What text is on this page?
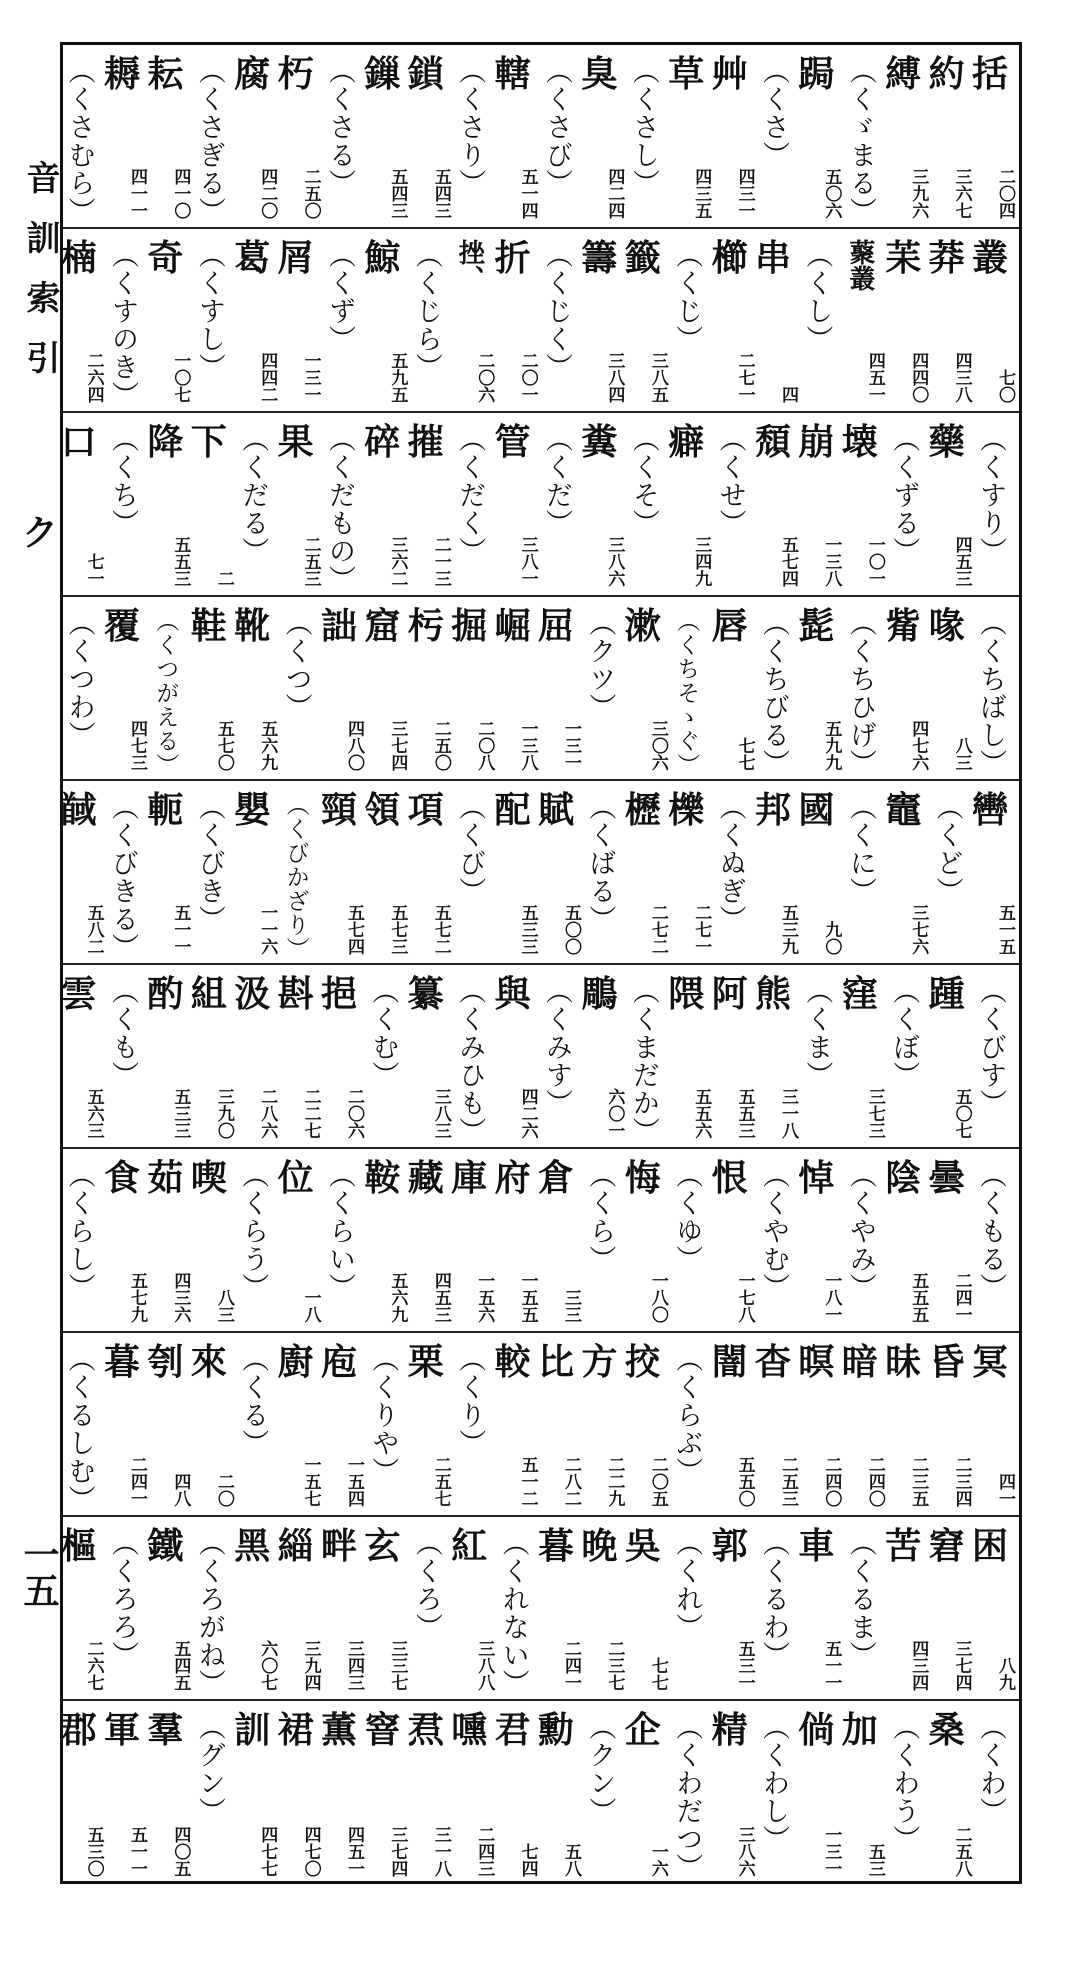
音訓索引
ク
一五
括
二〇四
約
三六七
縛
三九六
（くゞまる）
跼
五〇六
（くさ）
艸
四三一
草
四三五
（くさし）
臭
四二四
（くさび）
轄
五一四
（くさり）
鎖
五四三
鏁
五四三
（くさる）
朽
二五〇
腐
四二〇
（くさぎる）
耘
四一〇
耨
四一一
（くさむら）
叢
七〇
莽
四三八
苿
四四〇
藂叢
四五一
（くし）
串
四
櫛
二七一
（くじ）
籤
三八五
籌
三八四
（くじく）
折
二〇一
挫、
二〇六
（くじら）
鯨
五九五
（くず）
屑
一三一
葛
四四二
（くすし）
奇
一〇七
（くすのき）
楠
二六四
（くすり）
藥
四五三
（くずる）
壊
一〇一
崩
一三八
頹
五七四
（くせ）
癖
三四九
（くそ）
糞
三八六
（くだ）
管
三八一
（くだく）
摧
二一三
碎
三六二
（くだもの）
果
二五三
（くだる）
下
二
降
五五三
（くち）
口
七一
（くちばし）
喙
八三
觜
四七六
（くちひげ）
髭
五九九
（くちびる）
唇
七七
（くちそゝぐ）
漱
三〇六
（クツ）
屈
一三一
崛
一三八
掘
二〇八
杇
二五〇
窟
三七四
詘
四八〇
（くつ）
靴
五六九
鞋
五七〇
（くつがえる）
覆
四七三
（くつわ）
轡
五一五
（くど）
竈
三七六
（くに）
國
九〇
邦
五三九
（くぬぎ）
櫟
二七一
櫪
二七二
（くばる）
賦
五〇〇
配
五三三
（くび）
項
五七二
領
五七三
頸
五七四
（くびかざり）
嬰
一一六
（くびき）
軛
五一一
（くびきる）
馘
五八二
（くびす）
踵
五〇七
（くぼ）
窪
三七三
（くま）
熊
三一八
阿
五五三
隈
五五六
（くまだか）
鵰
六〇一
（くみす）
與
四二六
（くみひも）
纂
三八三
（くむ）
挹
二〇六
斟
二二七
汲
二八六
組
三九〇
酌
五三三
（くも）
雲
五六三
（くもる）
曇
二四一
陰
五五五
（くやみ）
悼
一八一
（くやむ）
恨
一七八
（くゆ）
悔
一八〇
（くら）
倉
三三
府
一五五
庫
一五六
藏
四五三
鞍
五六九
（くらい）
位
一八
（くらう）
喫
八三
茹
四三六
食
五七九
（くらし）
冥
四一
昏
二三四
昧
二三五
暗
二四〇
暝
二四〇
杳
二五三
闇
五五〇
（くらぶ）
挍
二〇五
方
二二九
比
二八二
較
五一二
（くり）
栗
二五七
（くりや）
庖
一五四
廚
一五七
（くる）
來
二〇
刳
四八
暮
二四一
（くるしむ）
困
八九
窘
三七四
苦
四三四
（くるま）
車
五一一
（くるわ）
郭
五三一
（くれ）
吳
七七
晚
二三七
暮
二四一
（くれない）
紅
三八八
（くろ）
玄
三三七
畔
三四三
緇
三九四
黑
六〇七
（くろがね）
鐵
五四五
（くろろ）
樞
二六七
（くわ）
桑
二五八
（くわう）
加
五三
倘
一三一
（くわし）
精
三八六
（くわだつ）
企
一六
（クン）
勳
五八
君
七四
嚑
二四三
焄
三一八
窨
三七四
薫
四五一
裙
四七〇
訓
四七七
（グン）
羣
四〇五
軍
五一一
郡
五三〇
